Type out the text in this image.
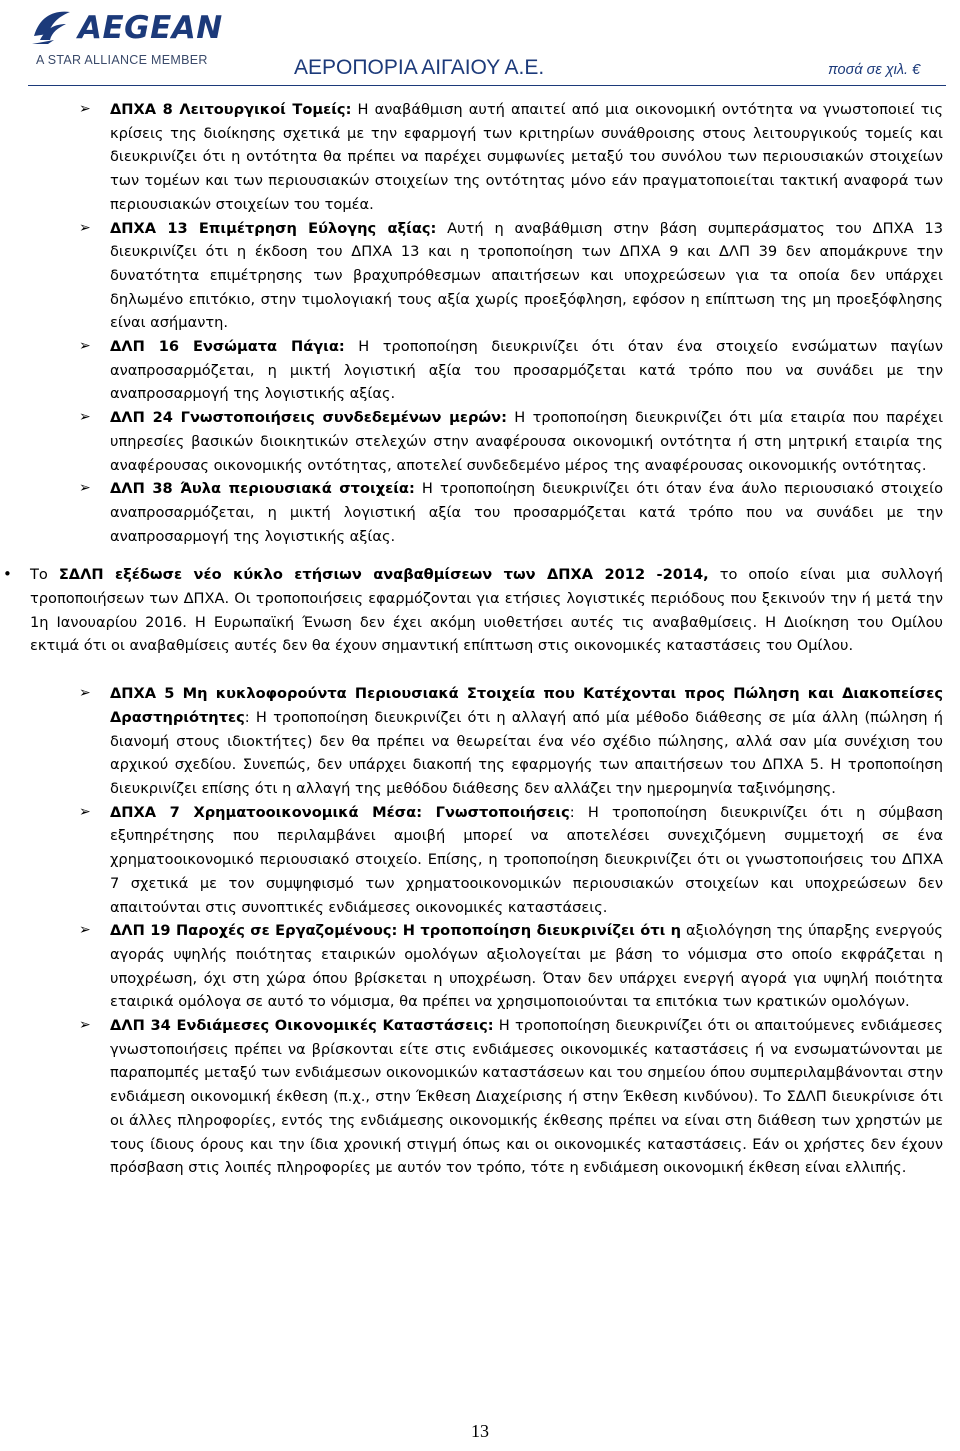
AEGEAN
A STAR ALLIANCE MEMBER	ΑΕΡΟΠΟΡΙΑ ΑΙΓΑΙΟΥ Α.Ε.	ποσά σε χιλ. €
➢ ΔΠΧΑ 8 Λειτουργικοί Τομείς: Η αναβάθμιση αυτή απαιτεί από μια οικονομική οντότητα να γνωστοποιεί τις κρίσεις της διοίκησης σχετικά με την εφαρμογή των κριτηρίων συνάθροισης στους λειτουργικούς τομείς και διευκρινίζει ότι η οντότητα θα πρέπει να παρέχει συμφωνίες μεταξύ του συνόλου των περιουσιακών στοιχείων των τομέων και των περιουσιακών στοιχείων της οντότητας μόνο εάν πραγματοποιείται τακτική αναφορά των περιουσιακών στοιχείων του τομέα.
➢ ΔΠΧΑ 13 Επιμέτρηση Εύλογης αξίας: Αυτή η αναβάθμιση στην βάση συμπεράσματος του ΔΠΧΑ 13 διευκρινίζει ότι η έκδοση του ΔΠΧΑ 13 και η τροποποίηση των ΔΠΧΑ 9 και ΔΛΠ 39 δεν απομάκρυνε την δυνατότητα επιμέτρησης των βραχυπρόθεσμων απαιτήσεων και υποχρεώσεων για τα οποία δεν υπάρχει δηλωμένο επιτόκιο, στην τιμολογιακή τους αξία χωρίς προεξόφληση, εφόσον η επίπτωση της μη προεξόφλησης είναι ασήμαντη.
➢ ΔΛΠ 16 Ενσώματα Πάγια: Η τροποποίηση διευκρινίζει ότι όταν ένα στοιχείο ενσώματων παγίων αναπροσαρμόζεται, η μικτή λογιστική αξία του προσαρμόζεται κατά τρόπο που να συνάδει με την αναπροσαρμογή της λογιστικής αξίας.
➢ ΔΛΠ 24 Γνωστοποιήσεις συνδεδεμένων μερών: Η τροποποίηση διευκρινίζει ότι μία εταιρία που παρέχει υπηρεσίες βασικών διοικητικών στελεχών στην αναφέρουσα οικονομική οντότητα ή στη μητρική εταιρία της αναφέρουσας οικονομικής οντότητας, αποτελεί συνδεδεμένο μέρος της αναφέρουσας οικονομικής οντότητας.
➢ ΔΛΠ 38 Άυλα περιουσιακά στοιχεία: Η τροποποίηση διευκρινίζει ότι όταν ένα άυλο περιουσιακό στοιχείο αναπροσαρμόζεται, η μικτή λογιστική αξία του προσαρμόζεται κατά τρόπο που να συνάδει με την αναπροσαρμογή της λογιστικής αξίας.
• Το ΣΔΛΠ εξέδωσε νέο κύκλο ετήσιων αναβαθμίσεων των ΔΠΧΑ 2012 -2014, το οποίο είναι μια συλλογή τροποποιήσεων των ΔΠΧΑ. Οι τροποποιήσεις εφαρμόζονται για ετήσιες λογιστικές περιόδους που ξεκινούν την ή μετά την 1η Ιανουαρίου 2016. Η Ευρωπαϊκή Ένωση δεν έχει ακόμη υιοθετήσει αυτές τις αναβαθμίσεις. Η Διοίκηση του Ομίλου εκτιμά ότι οι αναβαθμίσεις αυτές δεν θα έχουν σημαντική επίπτωση στις οικονομικές καταστάσεις του Ομίλου.
➢ ΔΠΧΑ 5 Μη κυκλοφορούντα Περιουσιακά Στοιχεία που Κατέχονται προς Πώληση και Διακοπείσες Δραστηριότητες: Η τροποποίηση διευκρινίζει ότι η αλλαγή από μία μέθοδο διάθεσης σε μία άλλη (πώληση ή διανομή στους ιδιοκτήτες) δεν θα πρέπει να θεωρείται ένα νέο σχέδιο πώλησης, αλλά σαν μία συνέχιση του αρχικού σχεδίου. Συνεπώς, δεν υπάρχει διακοπή της εφαρμογής των απαιτήσεων του ΔΠΧΑ 5. Η τροποποίηση διευκρινίζει επίσης ότι η αλλαγή της μεθόδου διάθεσης δεν αλλάζει την ημερομηνία ταξινόμησης.
➢ ΔΠΧΑ 7 Χρηματοοικονομικά Μέσα: Γνωστοποιήσεις: Η τροποποίηση διευκρινίζει ότι η σύμβαση εξυπηρέτησης που περιλαμβάνει αμοιβή μπορεί να αποτελέσει συνεχιζόμενη συμμετοχή σε ένα χρηματοοικονομικό περιουσιακό στοιχείο. Επίσης, η τροποποίηση διευκρινίζει ότι οι γνωστοποιήσεις του ΔΠΧΑ 7 σχετικά με τον συμψηφισμό των χρηματοοικονομικών περιουσιακών στοιχείων και υποχρεώσεων δεν απαιτούνται στις συνοπτικές ενδιάμεσες οικονομικές καταστάσεις.
➢ ΔΛΠ 19 Παροχές σε Εργαζομένους: Η τροποποίηση διευκρινίζει ότι η αξιολόγηση της ύπαρξης ενεργούς αγοράς υψηλής ποιότητας εταιρικών ομολόγων αξιολογείται με βάση το νόμισμα στο οποίο εκφράζεται η υποχρέωση, όχι στη χώρα όπου βρίσκεται η υποχρέωση. Όταν δεν υπάρχει ενεργή αγορά για υψηλή ποιότητα εταιρικά ομόλογα σε αυτό το νόμισμα, θα πρέπει να χρησιμοποιούνται τα επιτόκια των κρατικών ομολόγων.
➢ ΔΛΠ 34 Ενδιάμεσες Οικονομικές Καταστάσεις: Η τροποποίηση διευκρινίζει ότι οι απαιτούμενες ενδιάμεσες γνωστοποιήσεις πρέπει να βρίσκονται είτε στις ενδιάμεσες οικονομικές καταστάσεις ή να ενσωματώνονται με παραπομπές μεταξύ των ενδιάμεσων οικονομικών καταστάσεων και του σημείου όπου συμπεριλαμβάνονται στην ενδιάμεση οικονομική έκθεση (π.χ., στην Έκθεση Διαχείρισης ή στην Έκθεση κινδύνου). Το ΣΔΛΠ διευκρίνισε ότι οι άλλες πληροφορίες, εντός της ενδιάμεσης οικονομικής έκθεσης πρέπει να είναι στη διάθεση των χρηστών με τους ίδιους όρους και την ίδια χρονική στιγμή όπως και οι οικονομικές καταστάσεις. Εάν οι χρήστες δεν έχουν πρόσβαση στις λοιπές πληροφορίες με αυτόν τον τρόπο, τότε η ενδιάμεση οικονομική έκθεση είναι ελλιπής.
13
